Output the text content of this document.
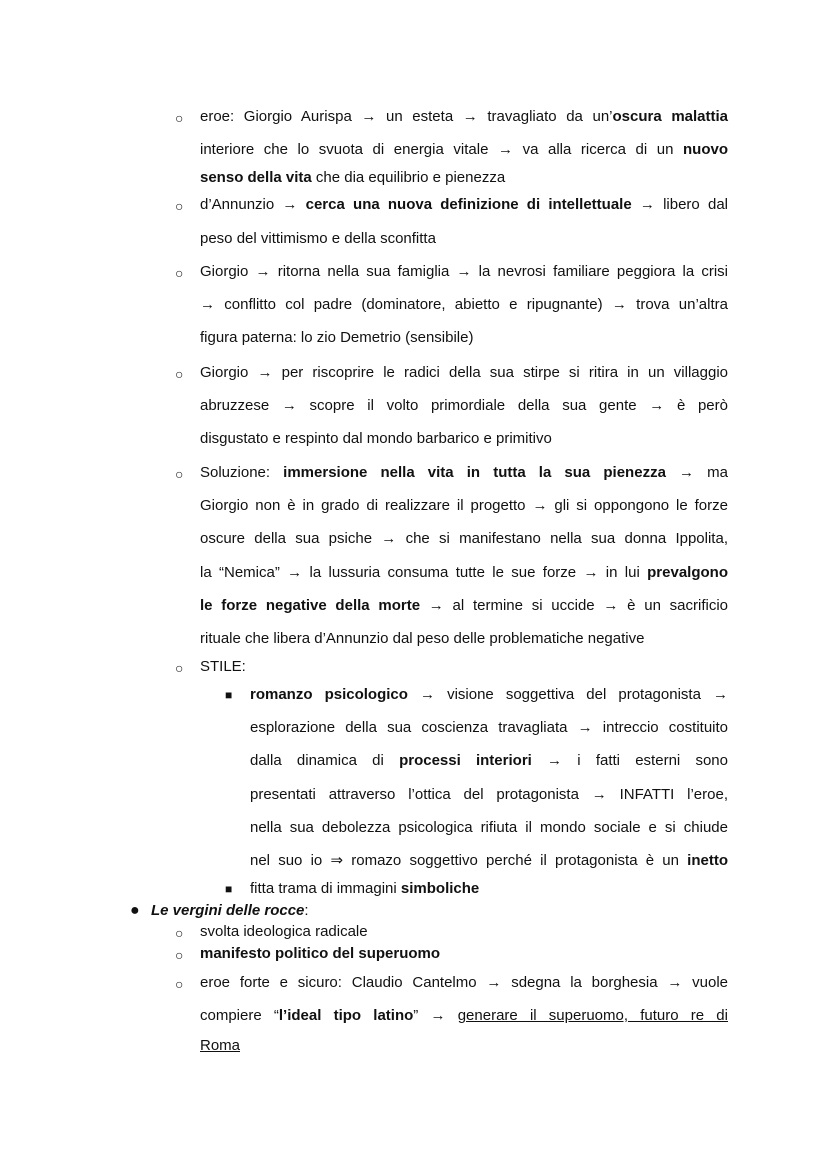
○ eroe: Giorgio Aurispa → un esteta → travagliato da un’oscura malattia
interiore che lo svuota di energia vitale → va alla ricerca di un nuovo
senso della vita che dia equilibrio e pienezza
○ d’Annunzio → cerca una nuova definizione di intellettuale → libero dal
peso del vittimismo e della sconfitta
○ Giorgio → ritorna nella sua famiglia → la nevrosi familiare peggiora la crisi
→ conflitto col padre (dominatore, abietto e ripugnante) → trova un’altra
figura paterna: lo zio Demetrio (sensibile)
○ Giorgio → per riscoprire le radici della sua stirpe si ritira in un villaggio
abruzzese → scopre il volto primordiale della sua gente → è però
disgustato e respinto dal mondo barbarico e primitivo
○ Soluzione: immersione nella vita in tutta la sua pienezza → ma
Giorgio non è in grado di realizzare il progetto → gli si oppongono le forze
oscure della sua psiche → che si manifestano nella sua donna Ippolita,
la “Nemica” → la lussuria consuma tutte le sue forze → in lui prevalgono
le forze negative della morte → al termine si uccide → è un sacrificio
rituale che libera d’Annunzio dal peso delle problematiche negative
○ STILE:
■ romanzo psicologico → visione soggettiva del protagonista →
esplorazione della sua coscienza travagliata → intreccio costituito
dalla dinamica di processi interiori → i fatti esterni sono
presentati attraverso l’ottica del protagonista → INFATTI l’eroe,
nella sua debolezza psicologica rifiuta il mondo sociale e si chiude
nel suo io ⇒ romazo soggettivo perché il protagonista è un inetto
■ fitta trama di immagini simboliche
● Le vergini delle rocce:
○ svolta ideologica radicale
○ manifesto politico del superuomo
○ eroe forte e sicuro: Claudio Cantelmo → sdegna la borghesia → vuole
compiere “l’ideal tipo latino” → generare il superuomo, futuro re di
Roma
